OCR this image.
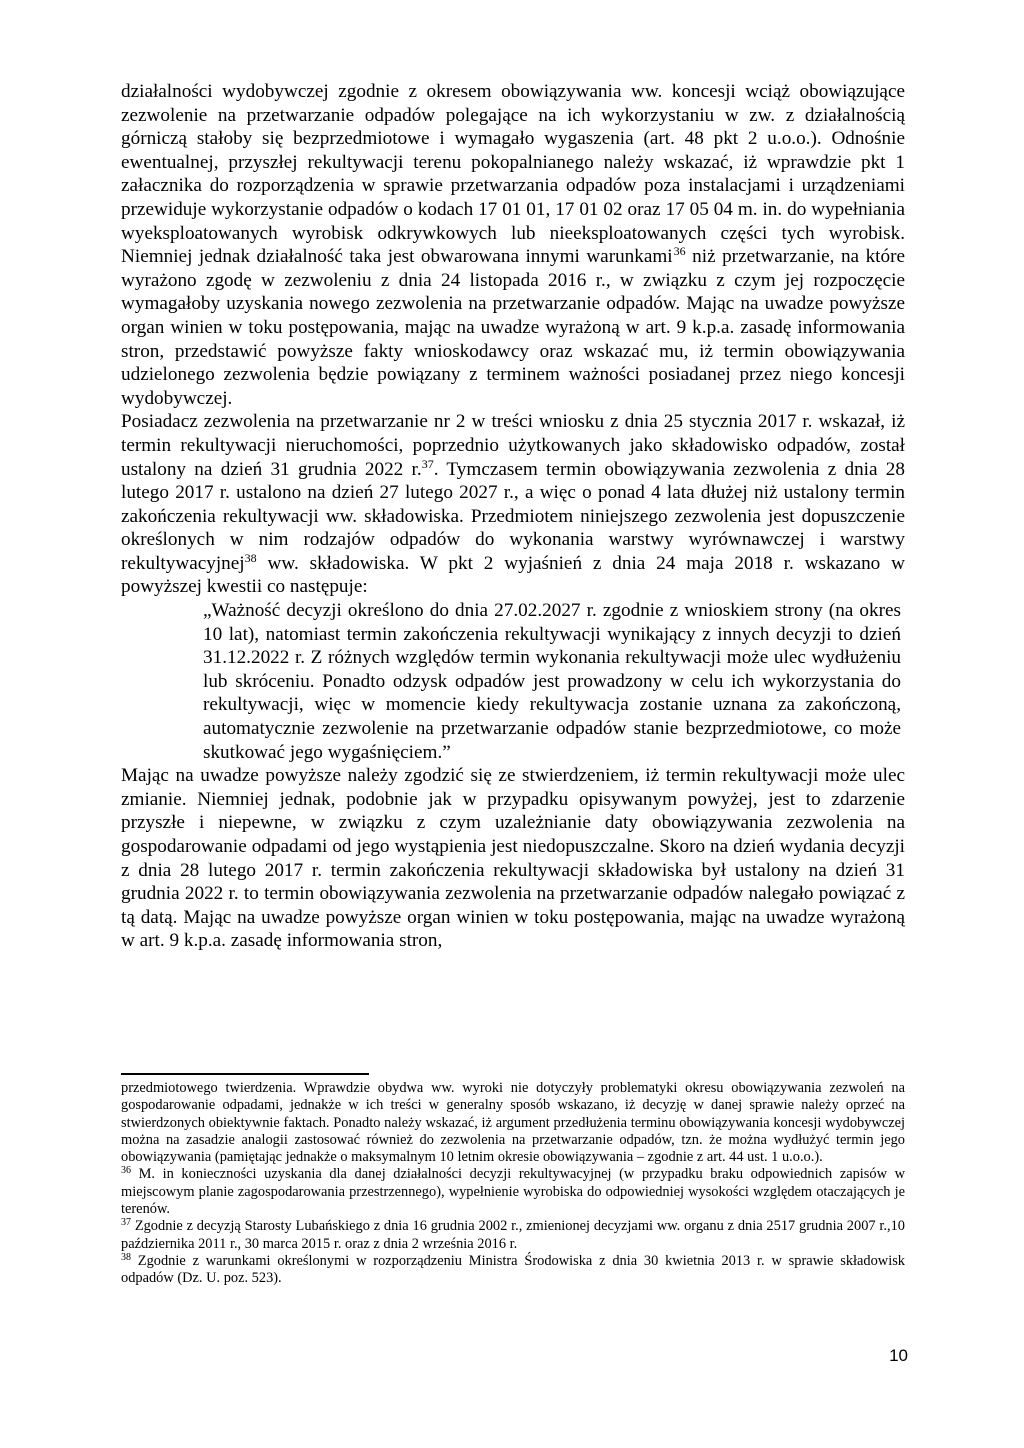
działalności wydobywczej zgodnie z okresem obowiązywania ww. koncesji wciąż obowiązujące zezwolenie na przetwarzanie odpadów polegające na ich wykorzystaniu w zw. z działalnością górniczą stałoby się bezprzedmiotowe i wymagało wygaszenia (art. 48 pkt 2 u.o.o.). Odnośnie ewentualnej, przyszłej rekultywacji terenu pokopalnianego należy wskazać, iż wprawdzie pkt 1 załacznika do rozporządzenia w sprawie przetwarzania odpadów poza instalacjami i urządzeniami przewiduje wykorzystanie odpadów o kodach 17 01 01, 17 01 02 oraz 17 05 04 m. in. do wypełniania wyeksploatowanych wyrobisk odkrywkowych lub nieeksploatowanych części tych wyrobisk. Niemniej jednak działalność taka jest obwarowana innymi warunkami $^{36}$ niż przetwarzanie, na które wyrażono zgodę w zezwoleniu z dnia 24 listopada 2016 r., w związku z czym jej rozpoczęcie wymagałoby uzyskania nowego zezwolenia na przetwarzanie odpadów. Mając na uwadze powyższe organ winien w toku postępowania, mając na uwadze wyrażoną w art. 9 k.p.a. zasadę informowania stron, przedstawić powyższe fakty wnioskodawcy oraz wskazać mu, iż termin obowiązywania udzielonego zezwolenia będzie powiązany z terminem ważności posiadanej przez niego koncesji wydobywczej.

Posiadacz zezwolenia na przetwarzanie nr 2 w treści wniosku z dnia 25 stycznia 2017 r. wskazał, iż termin rekultywacji nieruchomości, poprzednio użytkowanych jako składowisko odpadów, został ustalony na dzień 31 grudnia 2022 r.$^{37}$. Tymczasem termin obowiązywania zezwolenia z dnia 28 lutego 2017 r. ustalono na dzień 27 lutego 2027 r., a więc o ponad 4 lata dłużej niż ustalony termin zakończenia rekultywacji ww. składowiska. Przedmiotem niniejszego zezwolenia jest dopuszczenie określonych w nim rodzajów odpadów do wykonania warstwy wyrównawczej i warstwy rekultywacyjnej$^{38}$ ww. składowiska. W pkt 2 wyjaśnień z dnia 24 maja 2018 r. wskazano w powyższej kwestii co następuje:

„Ważność decyzji określono do dnia 27.02.2027 r. zgodnie z wnioskiem strony (na okres 10 lat), natomiast termin zakończenia rekultywacji wynikający z innych decyzji to dzień 31.12.2022 r. Z różnych względów termin wykonania rekultywacji może ulec wydłużeniu lub skróceniu. Ponadto odzysk odpadów jest prowadzony w celu ich wykorzystania do rekultywacji, więc w momencie kiedy rekultywacja zostanie uznana za zakończoną, automatycznie zezwolenie na przetwarzanie odpadów stanie bezprzedmiotowe, co może skutkować jego wygaśnięciem.”

Mając na uwadze powyższe należy zgodzić się ze stwierdzeniem, iż termin rekultywacji może ulec zmianie. Niemniej jednak, podobnie jak w przypadku opisywanym powyżej, jest to zdarzenie przyszłe i niepewne, w związku z czym uzależnianie daty obowiązywania zezwolenia na gospodarowanie odpadami od jego wystąpienia jest niedopuszczalne. Skoro na dzień wydania decyzji z dnia 28 lutego 2017 r. termin zakończenia rekultywacji składowiska był ustalony na dzień 31 grudnia 2022 r. to termin obowiązywania zezwolenia na przetwarzanie odpadów nalegało powiązać z tą datą. Mając na uwadze powyższe organ winien w toku postępowania, mając na uwadze wyrażoną w art. 9 k.p.a. zasadę informowania stron,

przedmiotowego twierdzenia. Wprawdzie obydwa ww. wyroki nie dotyczyły problematyki okresu obowiązywania zezwoleń na gospodarowanie odpadami, jednakże w ich treści w generalny sposób wskazano, iż decyzję w danej sprawie należy oprzeć na stwierdzonych obiektywnie faktach. Ponadto należy wskazać, iż argument przedłużenia terminu obowiązywania koncesji wydobywczej można na zasadzie analogii zastosować również do zezwolenia na przetwarzanie odpadów, tzn. że można wydłużyć termin jego obowiązywania (pamiętając jednakże o maksymalnym 10 letnim okresie obowiązywania – zgodnie z art. 44 ust. 1 u.o.o.).

$^{36}$ M. in konieczności uzyskania dla danej działalności decyzji rekultywacyjnej (w przypadku braku odpowiednich zapisów w miejscowym planie zagospodarowania przestrzennego), wypełnienie wyrobiska do odpowiedniej wysokości względem otaczających je terenów.

$^{37}$ Zgodnie z decyzją Starosty Lubańskiego z dnia 16 grudnia 2002 r., zmienionej decyzjami ww. organu z dnia 2517 grudnia 2007 r.,10 października 2011 r., 30 marca 2015 r. oraz z dnia 2 września 2016 r.

$^{38}$ Zgodnie z warunkami określonymi w rozporządzeniu Ministra Środowiska z dnia 30 kwietnia 2013 r. w sprawie składowisk odpadów (Dz. U. poz. 523).

10
